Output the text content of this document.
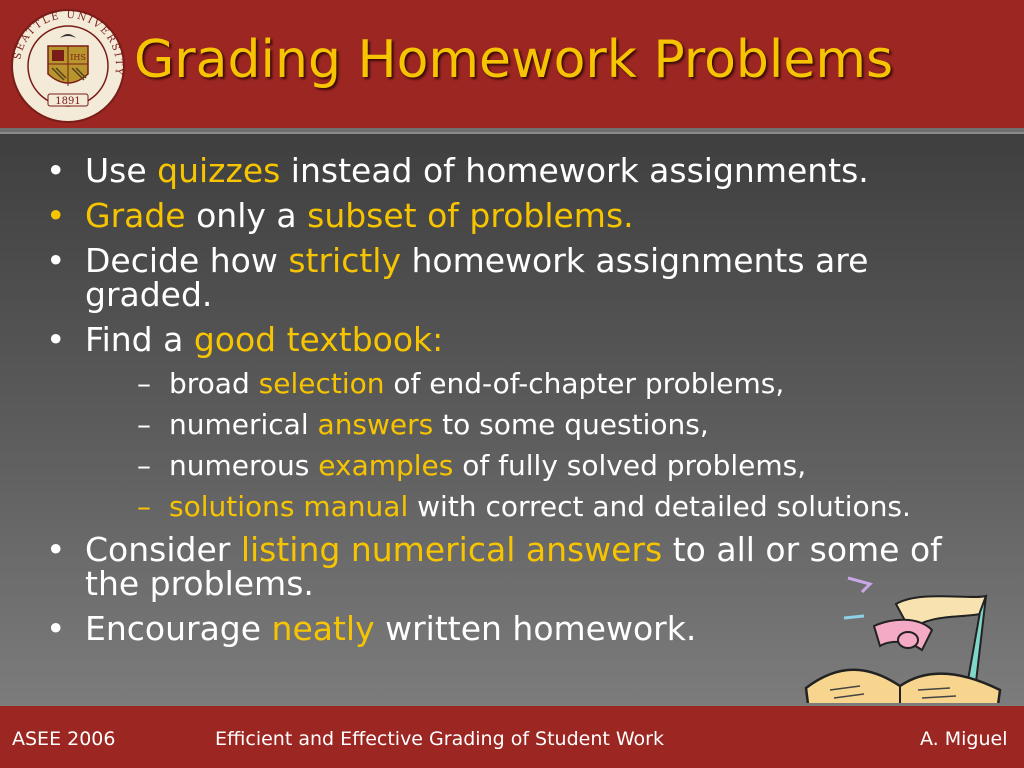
SEATTLE UNIVERSITY
IHS
1891
Grading Homework Problems
• Use quizzes instead of homework assignments.
• Grade only a subset of problems.
• Decide how strictly homework assignments are graded.
• Find a good textbook:
– broad selection of end-of-chapter problems,
– numerical answers to some questions,
– numerous examples of fully solved problems,
– solutions manual with correct and detailed solutions.
• Consider listing numerical answers to all or some of the problems.
• Encourage neatly written homework.
ASEE 2006	Efficient and Effective Grading of Student Work	A. Miguel
